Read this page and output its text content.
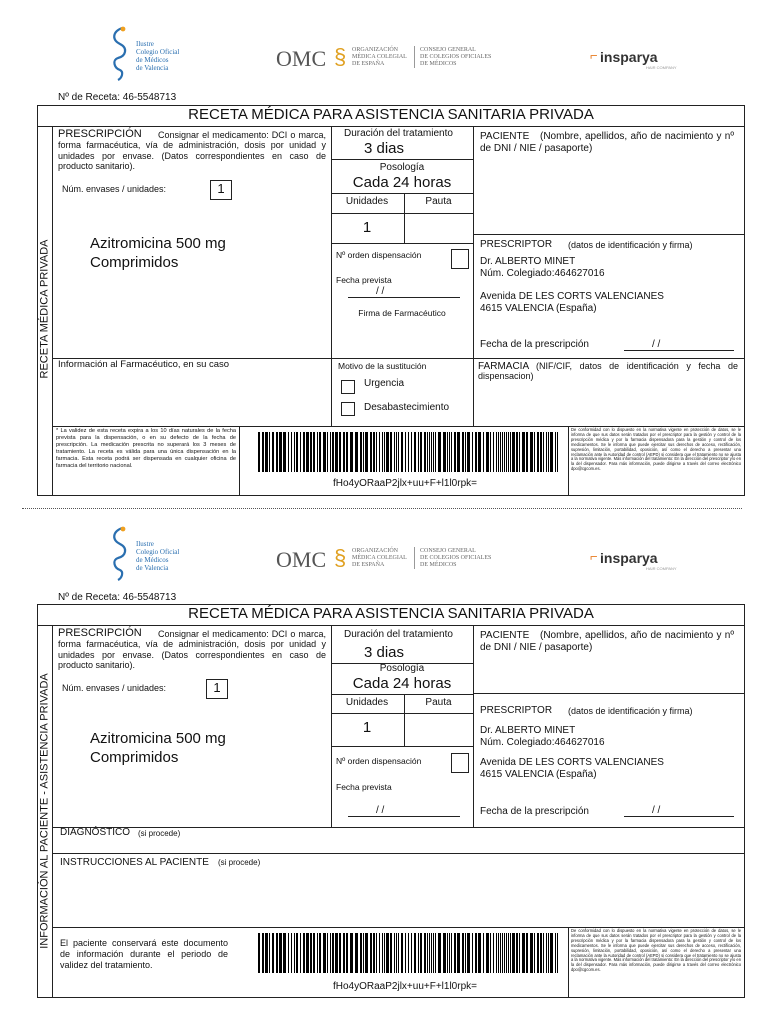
Ilustre
Colegio Oficial
de Médicos
de Valencia	OMC § ORGANIZACIÓN
MÉDICA COLEGIAL
DE ESPAÑA
CONSEJO GENERAL
DE COLEGIOS OFICIALES
DE MÉDICOS
⌐ insparya
HAIR COMPANY
Nº de Receta: 46-5548713
RECETA MÉDICA PARA ASISTENCIA SANITARIA PRIVADA
RECETA MÉDICA PRIVADA
PRESCRIPCIÓN	Consignar el medicamento: DCI o marca, forma farmacéutica, vía de administración, dosis por unidad y unidades por envase. (Datos correspondientes en caso de producto sanitario).
Núm. envases / unidades:	1
Azitromicina 500 mg
Comprimidos
Duración del tratamiento
3 dias
Posología
Cada 24 horas
Unidades	Pauta
1
Nº orden dispensación
Fecha prevista
/ /
Firma de Farmacéutico
PACIENTE	(Nombre, apellidos, año de nacimiento y nº de DNI / NIE / pasaporte)
PRESCRIPTOR (datos de identificación y firma)
Dr. ALBERTO MINET
Núm. Colegiado:464627016
Avenida DE LES CORTS VALENCIANES
4615 VALENCIA (España)
Fecha de la prescripción	/ /
Información al Farmacéutico, en su caso	Motivo de la sustitución
Urgencia
Desabastecimiento
FARMACIA (NIF/CIF, datos de identificación y fecha de dispensacion)
* La validez de esta receta expira a los 10 días naturales de la fecha prevista para la dispensación, o en su defecto de la fecha de prescripción. La medicación prescrita no superará los 3 meses de tratamiento. La receta es válida para una única dispensación en la farmacia. Esta receta podrá ser dispensada en cualquier oficina de farmacia del territorio nacional.
fHo4yORaaP2jlx+uu+F+l1l0rpk=
De conformidad con lo dispuesto en la normativa vigente en protección de datos, se le informa de que sus datos serán tratados por el prescriptor para la gestión y control de la prescripción médica y por la farmacia dispensadora para la gestión y control de los medicamentos. Se le informa que puede ejercitar sus derechos de acceso, rectificación, supresión, limitación, portabilidad, oposición, así como el derecho a presentar una reclamación ante la Autoridad de control (AEPD) si considera que el tratamiento no se ajusta a la normativa vigente. Más información del tratamiento: En la dirección del prescriptor y/o en la del dispensador. Para más información, puede dirigirse a través del correo electrónico dpo@cgcom.es.
Ilustre
Colegio Oficial
de Médicos
de Valencia	OMC § ORGANIZACIÓN
MÉDICA COLEGIAL
DE ESPAÑA
CONSEJO GENERAL
DE COLEGIOS OFICIALES
DE MÉDICOS
⌐ insparya
HAIR COMPANY
Nº de Receta: 46-5548713
RECETA MÉDICA PARA ASISTENCIA SANITARIA PRIVADA
INFORMACIÓN AL PACIENTE - ASISTENCIA PRIVADA
PRESCRIPCIÓN	Consignar el medicamento: DCI o marca, forma farmacéutica, vía de administración, dosis por unidad y unidades por envase. (Datos correspondientes en caso de producto sanitario).
Núm. envases / unidades:	1
Azitromicina 500 mg
Comprimidos
Duración del tratamiento
3 dias
Posología
Cada 24 horas
Unidades	Pauta
1
Nº orden dispensación
Fecha prevista
/ /
PACIENTE	(Nombre, apellidos, año de nacimiento y nº de DNI / NIE / pasaporte)
PRESCRIPTOR (datos de identificación y firma)
Dr. ALBERTO MINET
Núm. Colegiado:464627016
Avenida DE LES CORTS VALENCIANES
4615 VALENCIA (España)
Fecha de la prescripción	/ /
DIAGNÓSTICO (si procede)
INSTRUCCIONES AL PACIENTE (si procede)
El paciente conservará este documento de información durante el periodo de validez del tratamiento.
fHo4yORaaP2jlx+uu+F+l1l0rpk=
De conformidad con lo dispuesto en la normativa vigente en protección de datos, se le informa de que sus datos serán tratados por el prescriptor para la gestión y control de la prescripción médica y por la farmacia dispensadora para la gestión y control de los medicamentos. Se le informa que puede ejercitar sus derechos de acceso, rectificación, supresión, limitación, portabilidad, oposición, así como el derecho a presentar una reclamación ante la Autoridad de control (AEPD) si considera que el tratamiento no se ajusta a la normativa vigente. Más información del tratamiento: En la dirección del prescriptor y/o en la del dispensador. Para más información, puede dirigirse a través del correo electrónico dpo@cgcom.es.
